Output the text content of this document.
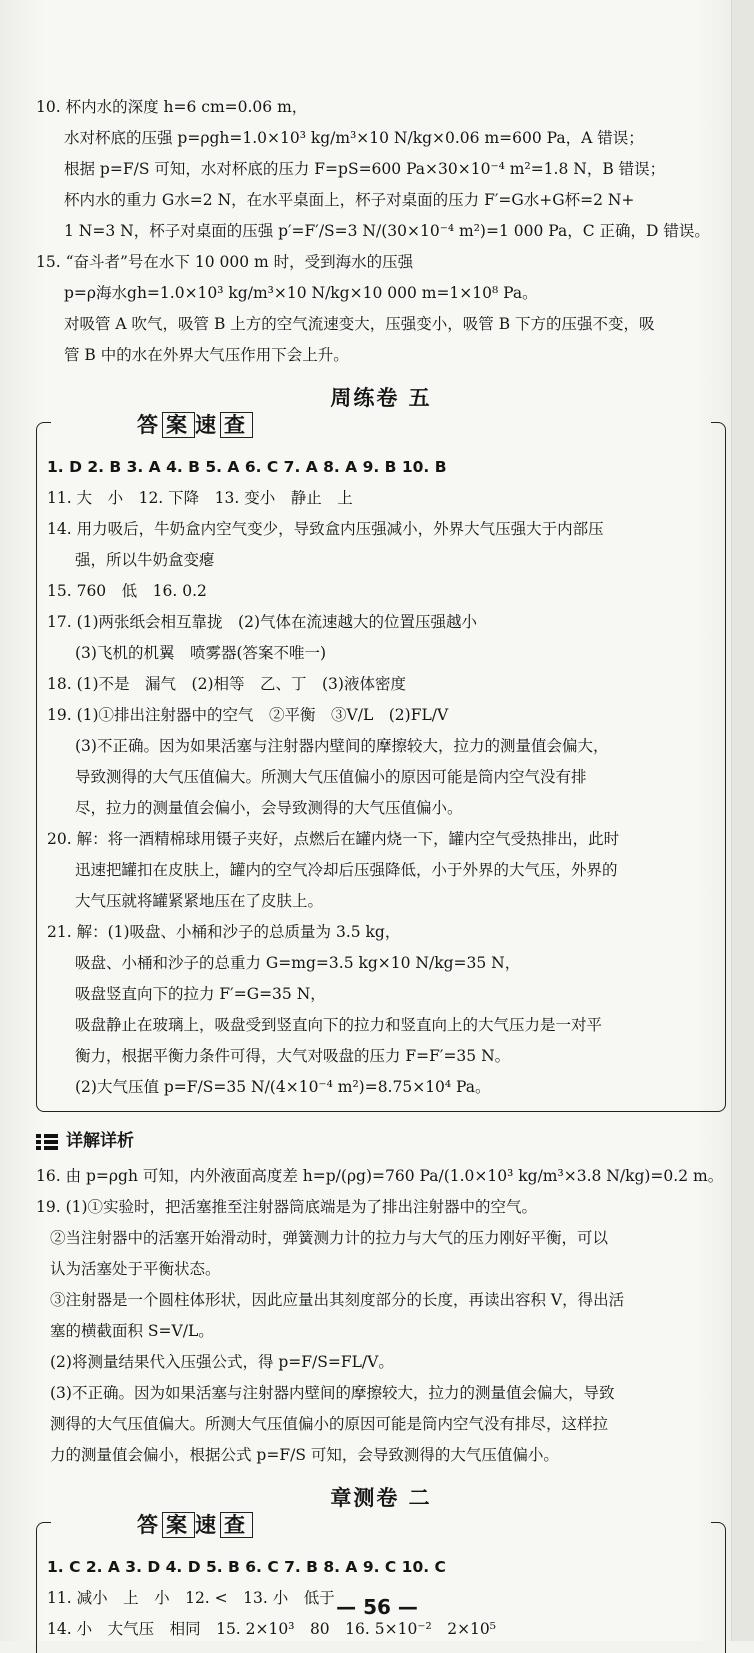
10. 杯内水的深度 h=6 cm=0.06 m，
水对杯底的压强 p=ρgh=1.0×10³ kg/m³×10 N/kg×0.06 m=600 Pa，A 错误；
根据 p=F/S 可知，水对杯底的压力 F=pS=600 Pa×30×10⁻⁴ m²=1.8 N，B 错误；
杯内水的重力 G水=2 N，在水平桌面上，杯子对桌面的压力 F′=G水+G杯=2 N+
1 N=3 N，杯子对桌面的压强 p′=F′/S=3 N/(30×10⁻⁴ m²)=1 000 Pa，C 正确，D 错误。
15. “奋斗者”号在水下 10 000 m 时，受到海水的压强
p=ρ海水gh=1.0×10³ kg/m³×10 N/kg×10 000 m=1×10⁸ Pa。
对吸管 A 吹气，吸管 B 上方的空气流速变大，压强变小，吸管 B 下方的压强不变，吸
管 B 中的水在外界大气压作用下会上升。
周练卷 五
答 案 速 查
1. D 2. B 3. A 4. B 5. A 6. C 7. A 8. A 9. B 10. B
11. 大　小　12. 下降　13. 变小　静止　上
14. 用力吸后，牛奶盒内空气变少，导致盒内压强减小，外界大气压强大于内部压
强，所以牛奶盒变瘪
15. 760　低　16. 0.2
17. (1)两张纸会相互靠拢　(2)气体在流速越大的位置压强越小
(3)飞机的机翼　喷雾器(答案不唯一)
18. (1)不是　漏气　(2)相等　乙、丁　(3)液体密度
19. (1)①排出注射器中的空气　②平衡　③V/L　(2)FL/V
(3)不正确。因为如果活塞与注射器内壁间的摩擦较大，拉力的测量值会偏大，
导致测得的大气压值偏大。所测大气压值偏小的原因可能是筒内空气没有排
尽，拉力的测量值会偏小，会导致测得的大气压值偏小。
20. 解：将一酒精棉球用镊子夹好，点燃后在罐内烧一下，罐内空气受热排出，此时
迅速把罐扣在皮肤上，罐内的空气冷却后压强降低，小于外界的大气压，外界的
大气压就将罐紧紧地压在了皮肤上。
21. 解：(1)吸盘、小桶和沙子的总质量为 3.5 kg，
吸盘、小桶和沙子的总重力 G=mg=3.5 kg×10 N/kg=35 N，
吸盘竖直向下的拉力 F′=G=35 N，
吸盘静止在玻璃上，吸盘受到竖直向下的拉力和竖直向上的大气压力是一对平
衡力，根据平衡力条件可得，大气对吸盘的压力 F=F′=35 N。
(2)大气压值 p=F/S=35 N/(4×10⁻⁴ m²)=8.75×10⁴ Pa。
详解详析
16. 由 p=ρgh 可知，内外液面高度差 h=p/(ρg)=760 Pa/(1.0×10³ kg/m³×3.8 N/kg)=0.2 m。
19. (1)①实验时，把活塞推至注射器筒底端是为了排出注射器中的空气。
②当注射器中的活塞开始滑动时，弹簧测力计的拉力与大气的压力刚好平衡，可以
认为活塞处于平衡状态。
③注射器是一个圆柱体形状，因此应量出其刻度部分的长度，再读出容积 V，得出活
塞的横截面积 S=V/L。
(2)将测量结果代入压强公式，得 p=F/S=FL/V。
(3)不正确。因为如果活塞与注射器内壁间的摩擦较大，拉力的测量值会偏大，导致
测得的大气压值偏大。所测大气压值偏小的原因可能是筒内空气没有排尽，这样拉
力的测量值会偏小，根据公式 p=F/S 可知，会导致测得的大气压值偏小。
章测卷 二
答 案 速 查
1. C 2. A 3. D 4. D 5. B 6. C 7. B 8. A 9. C 10. C
11. 减小　上　小　12. <　13. 小　低于
14. 小　大气压　相同　15. 2×10³　80　16. 5×10⁻²　2×10⁵
— 56 —
